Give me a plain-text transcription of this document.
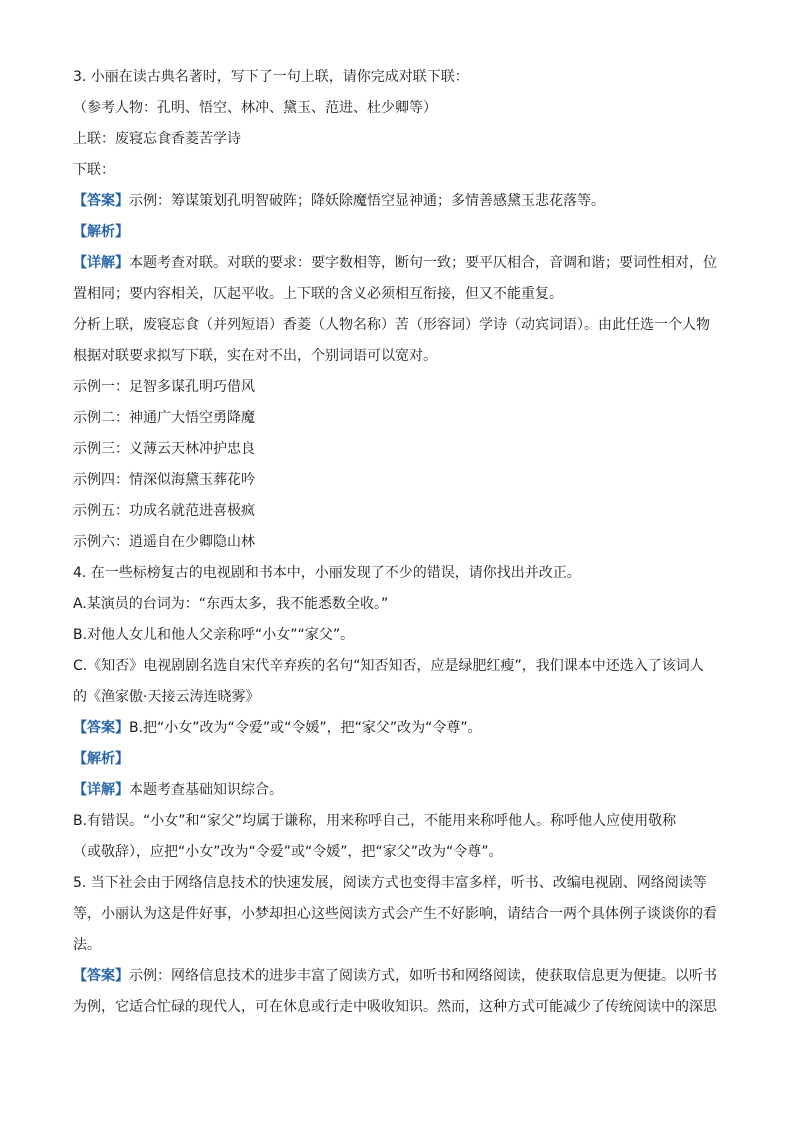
3. 小丽在读古典名著时，写下了一句上联，请你完成对联下联：
（参考人物：孔明、悟空、林冲、黛玉、范进、杜少卿等）
上联：废寝忘食香菱苦学诗
下联：
【答案】示例：筹谋策划孔明智破阵；降妖除魔悟空显神通；多情善感黛玉悲花落等。
【解析】
【详解】本题考查对联。对联的要求：要字数相等，断句一致；要平仄相合，音调和谐；要词性相对，位
置相同；要内容相关，仄起平收。上下联的含义必须相互衔接，但又不能重复。
分析上联，废寝忘食（并列短语）香菱（人物名称）苦（形容词）学诗（动宾词语）。由此任选一个人物
根据对联要求拟写下联，实在对不出，个别词语可以宽对。
示例一：足智多谋孔明巧借风
示例二：神通广大悟空勇降魔
示例三：义薄云天林冲护忠良
示例四：情深似海黛玉葬花吟
示例五：功成名就范进喜极疯
示例六：逍遥自在少卿隐山林
4. 在一些标榜复古的电视剧和书本中，小丽发现了不少的错误，请你找出并改正。
A.某演员的台词为：“东西太多，我不能悉数全收。”
B.对他人女儿和他人父亲称呼“小女”“家父”。
C.《知否》电视剧剧名选自宋代辛弃疾的名句“知否知否，应是绿肥红瘦”，我们课本中还选入了该词人
的《渔家傲·天接云涛连晓雾》
【答案】B.把“小女”改为“令爱”或“令媛”，把“家父”改为“令尊”。
【解析】
【详解】本题考查基础知识综合。
B.有错误。“小女”和“家父”均属于谦称，用来称呼自己，不能用来称呼他人。称呼他人应使用敬称
（或敬辞），应把“小女”改为“令爱”或“令媛”，把“家父”改为“令尊”。
5. 当下社会由于网络信息技术的快速发展，阅读方式也变得丰富多样，听书、改编电视剧、网络阅读等
等，小丽认为这是件好事，小梦却担心这些阅读方式会产生不好影响，请结合一两个具体例子谈谈你的看
法。
【答案】示例：网络信息技术的进步丰富了阅读方式，如听书和网络阅读，使获取信息更为便捷。以听书
为例，它适合忙碌的现代人，可在休息或行走中吸收知识。然而，这种方式可能减少了传统阅读中的深思
